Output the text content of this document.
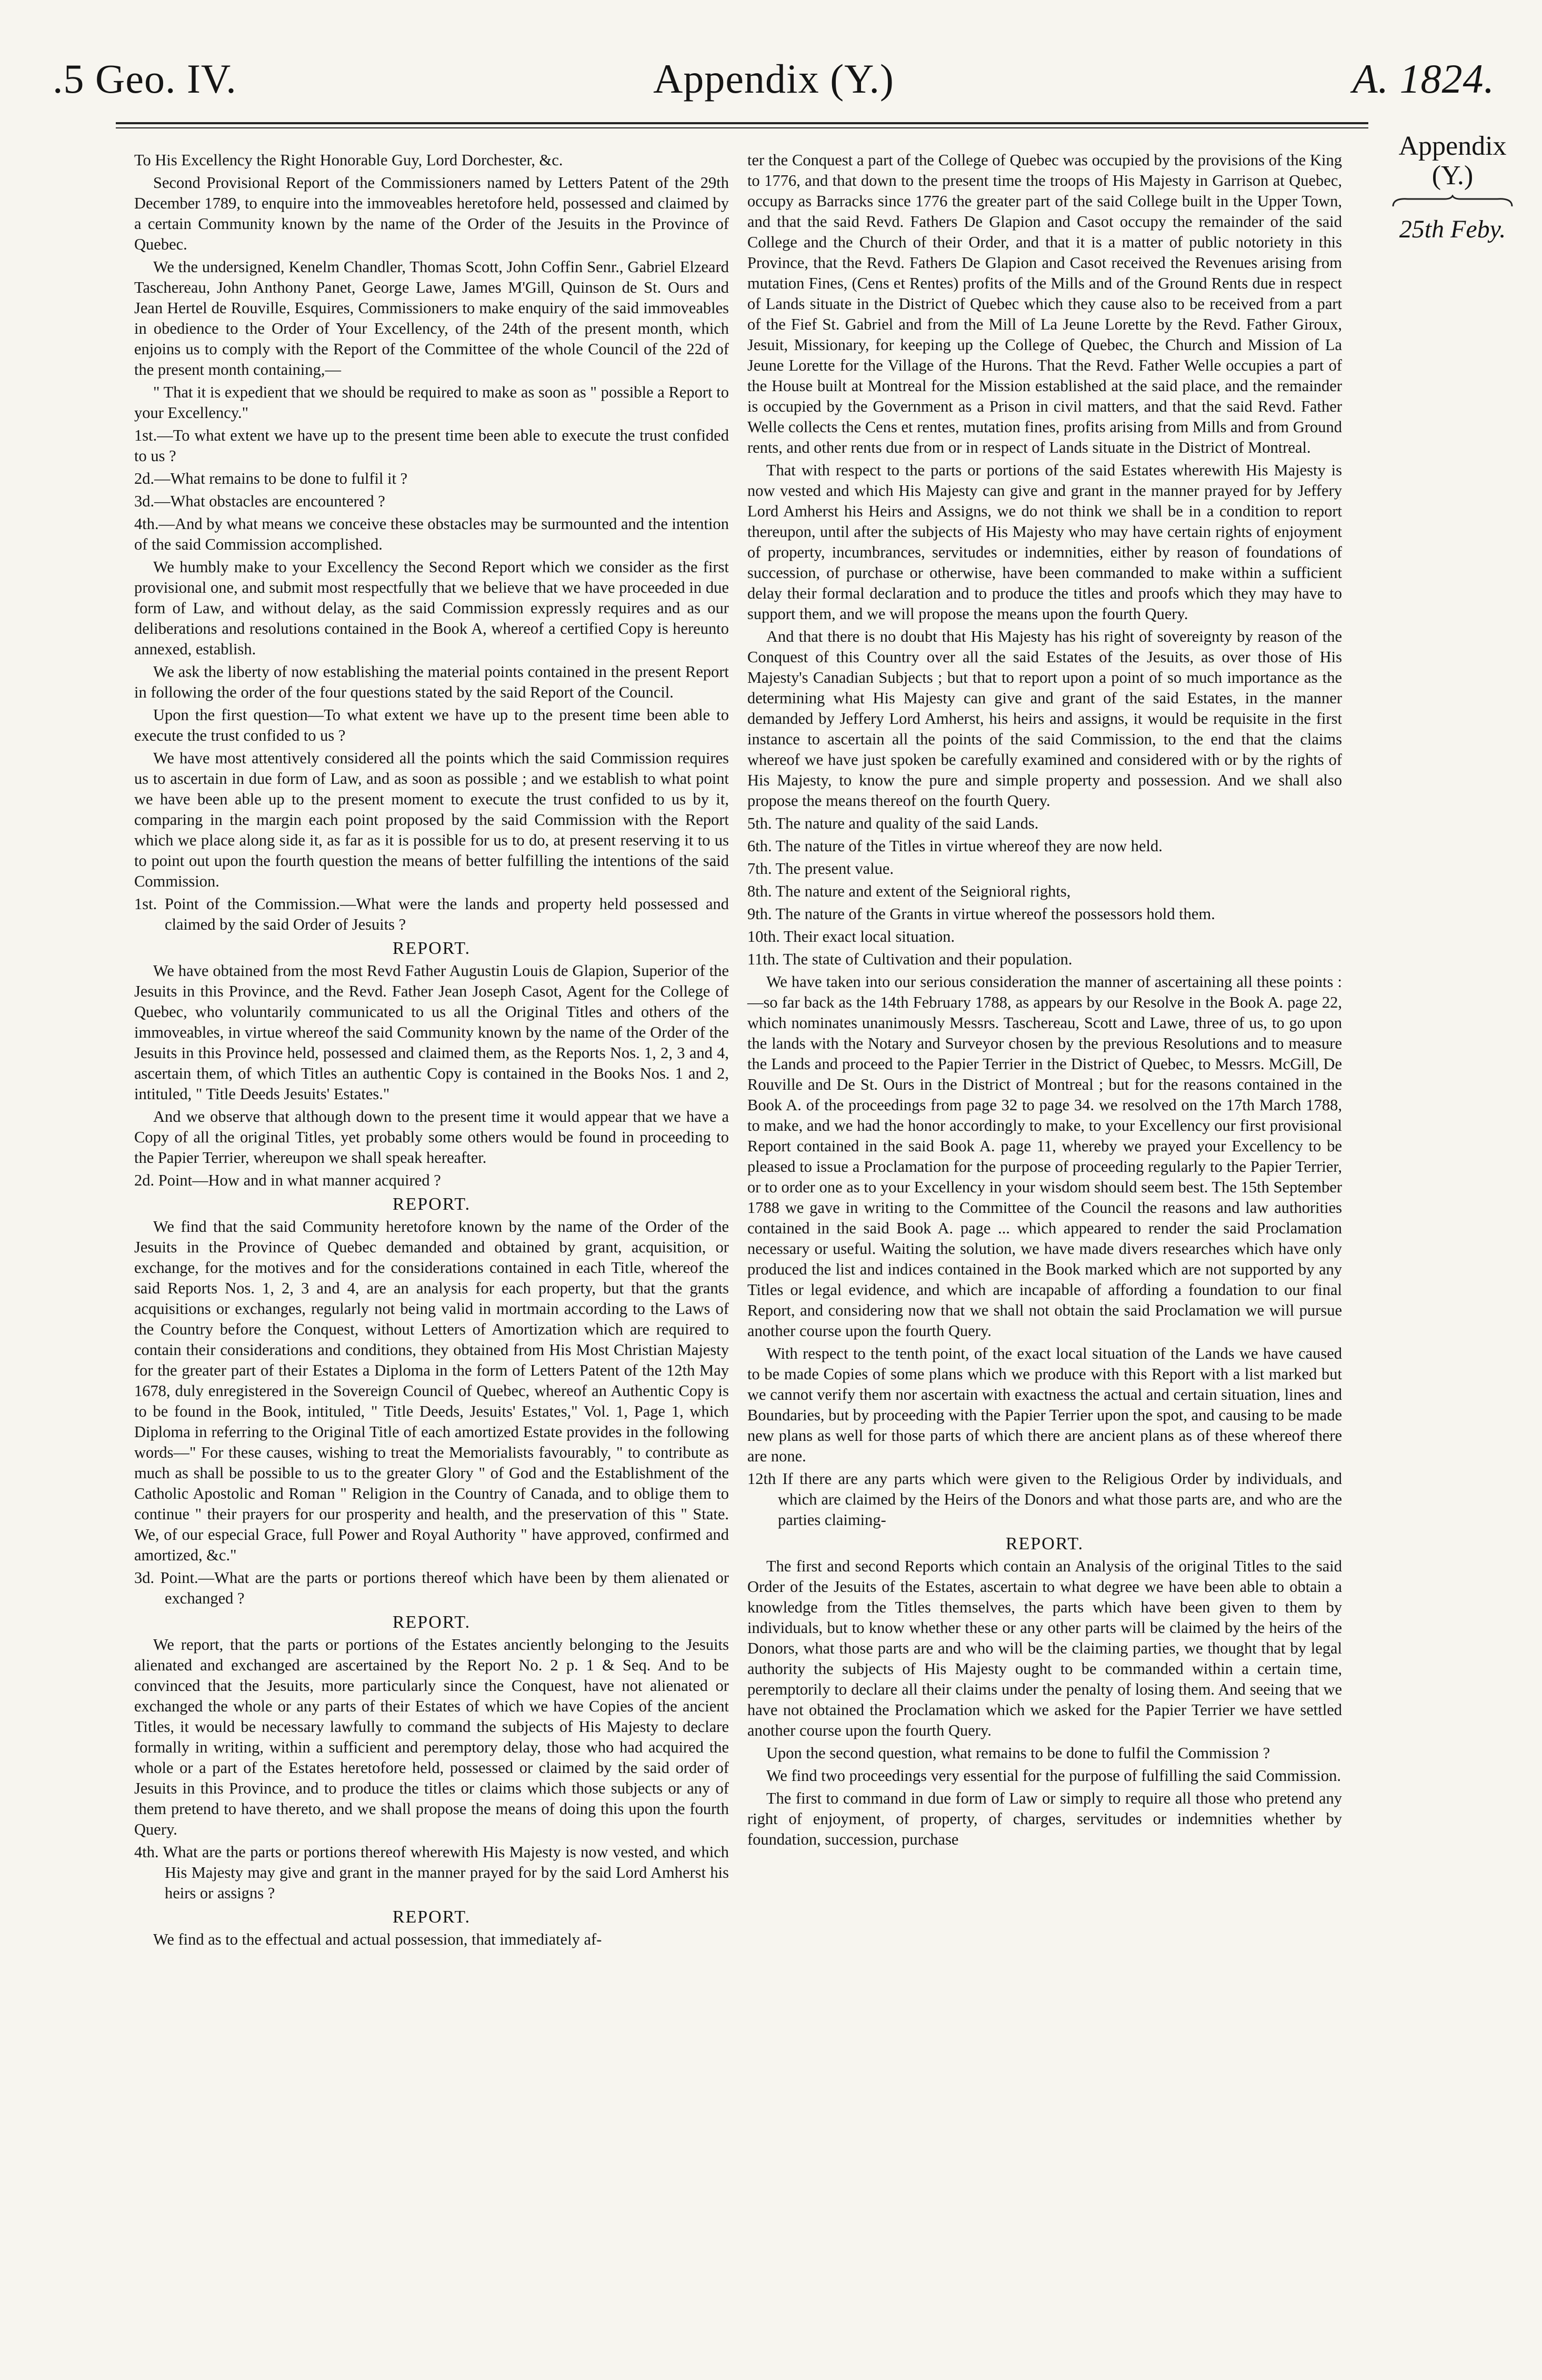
.5 Geo. IV.	Appendix (Y.)	A. 1824.
Appendix
(Y.)
25th Feby.

To His Excellency the Right Honorable Guy, Lord Dorchester, &c.

Second Provisional Report of the Commissioners named by Letters Patent of the 29th December 1789, to enquire into the immoveables heretofore held, possessed and claimed by a certain Community known by the name of the Order of the Jesuits in the Province of Quebec.

We the undersigned, Kenelm Chandler, Thomas Scott, John Coffin Senr., Gabriel Elzeard Taschereau, John Anthony Panet, George Lawe, James M'Gill, Quinson de St. Ours and Jean Hertel de Rouville, Esquires, Commissioners to make enquiry of the said immoveables in obedience to the Order of Your Excellency, of the 24th of the present month, which enjoins us to comply with the Report of the Committee of the whole Council of the 22d of the present month containing,—

" That it is expedient that we should be required to make as soon as " possible a Report to your Excellency."

1st.—To what extent we have up to the present time been able to execute the trust confided to us ?

2d.—What remains to be done to fulfil it ?

3d.—What obstacles are encountered ?

4th.—And by what means we conceive these obstacles may be surmounted and the intention of the said Commission accomplished.

We humbly make to your Excellency the Second Report which we consider as the first provisional one, and submit most respectfully that we believe that we have proceeded in due form of Law, and without delay, as the said Commission expressly requires and as our deliberations and resolutions contained in the Book A, whereof a certified Copy is hereunto annexed, establish.

We ask the liberty of now establishing the material points contained in the present Report in following the order of the four questions stated by the said Report of the Council.

Upon the first question—To what extent we have up to the present time been able to execute the trust confided to us ?

We have most attentively considered all the points which the said Commission requires us to ascertain in due form of Law, and as soon as possible ; and we establish to what point we have been able up to the present moment to execute the trust confided to us by it, comparing in the margin each point proposed by the said Commission with the Report which we place along side it, as far as it is possible for us to do, at present reserving it to us to point out upon the fourth question the means of better fulfilling the intentions of the said Commission.

1st. Point of the Commission.—What were the lands and property held possessed and claimed by the said Order of Jesuits ?

REPORT.

We have obtained from the most Revd Father Augustin Louis de Glapion, Superior of the Jesuits in this Province, and the Revd. Father Jean Joseph Casot, Agent for the College of Quebec, who voluntarily communicated to us all the Original Titles and others of the immoveables, in virtue whereof the said Community known by the name of the Order of the Jesuits in this Province held, possessed and claimed them, as the Reports Nos. 1, 2, 3 and 4, ascertain them, of which Titles an authentic Copy is contained in the Books Nos. 1 and 2, intituled, " Title Deeds Jesuits' Estates."

And we observe that although down to the present time it would appear that we have a Copy of all the original Titles, yet probably some others would be found in proceeding to the Papier Terrier, whereupon we shall speak hereafter.

2d. Point—How and in what manner acquired ?

REPORT.

We find that the said Community heretofore known by the name of the Order of the Jesuits in the Province of Quebec demanded and obtained by grant, acquisition, or exchange, for the motives and for the considerations contained in each Title, whereof the said Reports Nos. 1, 2, 3 and 4, are an analysis for each property, but that the grants acquisitions or exchanges, regularly not being valid in mortmain according to the Laws of the Country before the Conquest, without Letters of Amortization which are required to contain their considerations and conditions, they obtained from His Most Christian Majesty for the greater part of their Estates a Diploma in the form of Letters Patent of the 12th May 1678, duly enregistered in the Sovereign Council of Quebec, whereof an Authentic Copy is to be found in the Book, intituled, " Title Deeds, Jesuits' Estates," Vol. 1, Page 1, which Diploma in referring to the Original Title of each amortized Estate provides in the following words—" For these causes, wishing to treat the Memorialists favourably, " to contribute as much as shall be possible to us to the greater Glory " of God and the Establishment of the Catholic Apostolic and Roman " Religion in the Country of Canada, and to oblige them to continue " their prayers for our prosperity and health, and the preservation of this " State. We, of our especial Grace, full Power and Royal Authority " have approved, confirmed and amortized, &c."

3d. Point.—What are the parts or portions thereof which have been by them alienated or exchanged ?

REPORT.

We report, that the parts or portions of the Estates anciently belonging to the Jesuits alienated and exchanged are ascertained by the Report No. 2 p. 1 & Seq. And to be convinced that the Jesuits, more particularly since the Conquest, have not alienated or exchanged the whole or any parts of their Estates of which we have Copies of the ancient Titles, it would be necessary lawfully to command the subjects of His Majesty to declare formally in writing, within a sufficient and peremptory delay, those who had acquired the whole or a part of the Estates heretofore held, possessed or claimed by the said order of Jesuits in this Province, and to produce the titles or claims which those subjects or any of them pretend to have thereto, and we shall propose the means of doing this upon the fourth Query.

4th. What are the parts or portions thereof wherewith His Majesty is now vested, and which His Majesty may give and grant in the manner prayed for by the said Lord Amherst his heirs or assigns ?

REPORT.

We find as to the effectual and actual possession, that immediately af-

ter the Conquest a part of the College of Quebec was occupied by the provisions of the King to 1776, and that down to the present time the troops of His Majesty in Garrison at Quebec, occupy as Barracks since 1776 the greater part of the said College built in the Upper Town, and that the said Revd. Fathers De Glapion and Casot occupy the remainder of the said College and the Church of their Order, and that it is a matter of public notoriety in this Province, that the Revd. Fathers De Glapion and Casot received the Revenues arising from mutation Fines, (Cens et Rentes) profits of the Mills and of the Ground Rents due in respect of Lands situate in the District of Quebec which they cause also to be received from a part of the Fief St. Gabriel and from the Mill of La Jeune Lorette by the Revd. Father Giroux, Jesuit, Missionary, for keeping up the College of Quebec, the Church and Mission of La Jeune Lorette for the Village of the Hurons. That the Revd. Father Welle occupies a part of the House built at Montreal for the Mission established at the said place, and the remainder is occupied by the Government as a Prison in civil matters, and that the said Revd. Father Welle collects the Cens et rentes, mutation fines, profits arising from Mills and from Ground rents, and other rents due from or in respect of Lands situate in the District of Montreal.

That with respect to the parts or portions of the said Estates wherewith His Majesty is now vested and which His Majesty can give and grant in the manner prayed for by Jeffery Lord Amherst his Heirs and Assigns, we do not think we shall be in a condition to report thereupon, until after the subjects of His Majesty who may have certain rights of enjoyment of property, incumbrances, servitudes or indemnities, either by reason of foundations of succession, of purchase or otherwise, have been commanded to make within a sufficient delay their formal declaration and to produce the titles and proofs which they may have to support them, and we will propose the means upon the fourth Query.

And that there is no doubt that His Majesty has his right of sovereignty by reason of the Conquest of this Country over all the said Estates of the Jesuits, as over those of His Majesty's Canadian Subjects ; but that to report upon a point of so much importance as the determining what His Majesty can give and grant of the said Estates, in the manner demanded by Jeffery Lord Amherst, his heirs and assigns, it would be requisite in the first instance to ascertain all the points of the said Commission, to the end that the claims whereof we have just spoken be carefully examined and considered with or by the rights of His Majesty, to know the pure and simple property and possession. And we shall also propose the means thereof on the fourth Query.

5th. The nature and quality of the said Lands.

6th. The nature of the Titles in virtue whereof they are now held.

7th. The present value.

8th. The nature and extent of the Seignioral rights,

9th. The nature of the Grants in virtue whereof the possessors hold them.

10th. Their exact local situation.

11th. The state of Cultivation and their population.

We have taken into our serious consideration the manner of ascertaining all these points :—so far back as the 14th February 1788, as appears by our Resolve in the Book A. page 22, which nominates unanimously Messrs. Taschereau, Scott and Lawe, three of us, to go upon the lands with the Notary and Surveyor chosen by the previous Resolutions and to measure the Lands and proceed to the Papier Terrier in the District of Quebec, to Messrs. McGill, De Rouville and De St. Ours in the District of Montreal ; but for the reasons contained in the Book A. of the proceedings from page 32 to page 34. we resolved on the 17th March 1788, to make, and we had the honor accordingly to make, to your Excellency our first provisional Report contained in the said Book A. page 11, whereby we prayed your Excellency to be pleased to issue a Proclamation for the purpose of proceeding regularly to the Papier Terrier, or to order one as to your Excellency in your wisdom should seem best. The 15th September 1788 we gave in writing to the Committee of the Council the reasons and law authorities contained in the said Book A. page ... which appeared to render the said Proclamation necessary or useful. Waiting the solution, we have made divers researches which have only produced the list and indices contained in the Book marked which are not supported by any Titles or legal evidence, and which are incapable of affording a foundation to our final Report, and considering now that we shall not obtain the said Proclamation we will pursue another course upon the fourth Query.

With respect to the tenth point, of the exact local situation of the Lands we have caused to be made Copies of some plans which we produce with this Report with a list marked but we cannot verify them nor ascertain with exactness the actual and certain situation, lines and Boundaries, but by proceeding with the Papier Terrier upon the spot, and causing to be made new plans as well for those parts of which there are ancient plans as of these whereof there are none.

12th If there are any parts which were given to the Religious Order by individuals, and which are claimed by the Heirs of the Donors and what those parts are, and who are the parties claiming-

REPORT.

The first and second Reports which contain an Analysis of the original Titles to the said Order of the Jesuits of the Estates, ascertain to what degree we have been able to obtain a knowledge from the Titles themselves, the parts which have been given to them by individuals, but to know whether these or any other parts will be claimed by the heirs of the Donors, what those parts are and who will be the claiming parties, we thought that by legal authority the subjects of His Majesty ought to be commanded within a certain time, peremptorily to declare all their claims under the penalty of losing them. And seeing that we have not obtained the Proclamation which we asked for the Papier Terrier we have settled another course upon the fourth Query.

Upon the second question, what remains to be done to fulfil the Commission ?

We find two proceedings very essential for the purpose of fulfilling the said Commission.

The first to command in due form of Law or simply to require all those who pretend any right of enjoyment, of property, of charges, servitudes or indemnities whether by foundation, succession, purchase
